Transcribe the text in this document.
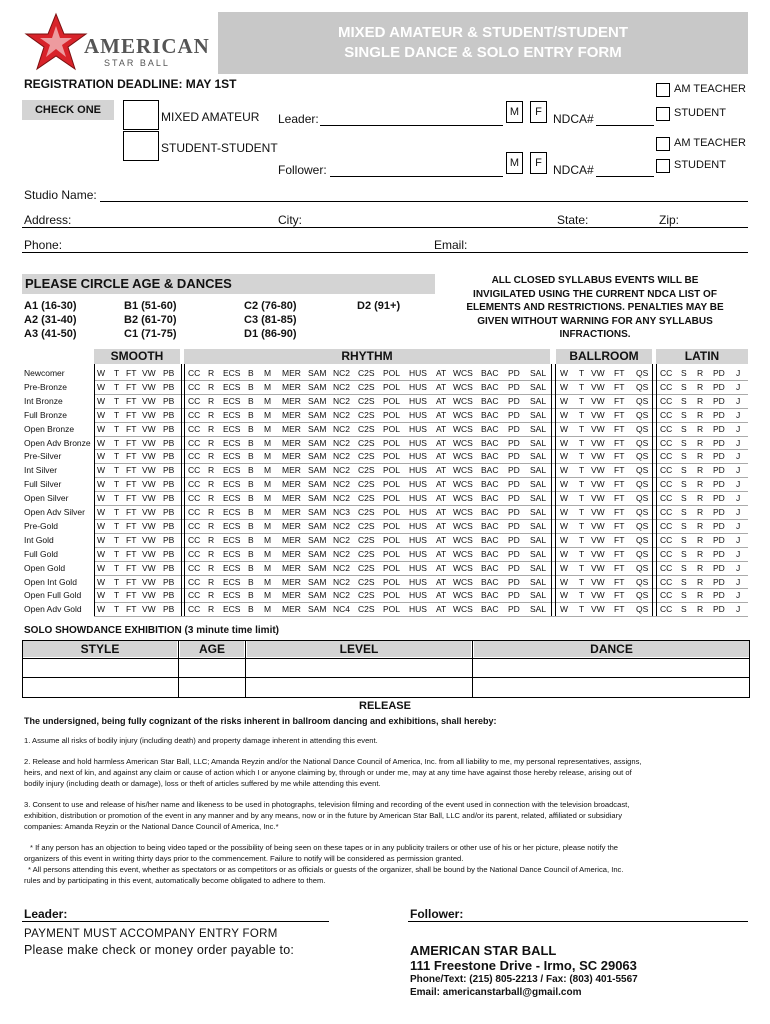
AMERICAN
STAR BALL
MIXED AMATEUR & STUDENT/STUDENT
SINGLE DANCE & SOLO ENTRY FORM
REGISTRATION DEADLINE: MAY 1ST
CHECK ONE	MIXED AMATEUR
STUDENT-STUDENT
Leader:	M	F NDCA#
AM TEACHER
STUDENT
Follower:	M	F NDCA#
AM TEACHER
STUDENT
Studio Name:
Address:	City:	State:	Zip:
Phone:	Email:
PLEASE CIRCLE AGE & DANCES
A1 (16-30)
A2 (31-40)
A3 (41-50)
B1 (51-60)
B2 (61-70)
C1 (71-75)
C2 (76-80)
C3 (81-85)
D1 (86-90)
D2 (91+)
ALL CLOSED SYLLABUS EVENTS WILL BE
INVIGILATED USING THE CURRENT NDCA LIST OF
ELEMENTS AND RESTRICTIONS. PENALTIES MAY BE
GIVEN WITHOUT WARNING FOR ANY SYLLABUS
INFRACTIONS.
SMOOTH	RHYTHM	BALLROOM	LATIN
Newcomer	W T FT VW PB CC R ECS B M MER SAM NC2 C2S POL HUS AT WCS BAC PD SAL W T VW FT QS CC S R PD J
Pre-Bronze	W T FT VW PB CC R ECS B M MER SAM NC2 C2S POL HUS AT WCS BAC PD SAL W T VW FT QS CC S R PD J
Int Bronze	W T FT VW PB CC R ECS B M MER SAM NC2 C2S POL HUS AT WCS BAC PD SAL W T VW FT QS CC S R PD J
Full Bronze	W T FT VW PB CC R ECS B M MER SAM NC2 C2S POL HUS AT WCS BAC PD SAL W T VW FT QS CC S R PD J
Open Bronze	W T FT VW PB CC R ECS B M MER SAM NC2 C2S POL HUS AT WCS BAC PD SAL W T VW FT QS CC S R PD J
Open Adv Bronze W T FT VW PB CC R ECS B M MER SAM NC2 C2S POL HUS AT WCS BAC PD SAL W T VW FT QS CC S R PD J
Pre-Silver	W T FT VW PB CC R ECS B M MER SAM NC2 C2S POL HUS AT WCS BAC PD SAL W T VW FT QS CC S R PD J
Int Silver	W T FT VW PB CC R ECS B M MER SAM NC2 C2S POL HUS AT WCS BAC PD SAL W T VW FT QS CC S R PD J
Full Silver	W T FT VW PB CC R ECS B M MER SAM NC2 C2S POL HUS AT WCS BAC PD SAL W T VW FT QS CC S R PD J
Open Silver	W T FT VW PB CC R ECS B M MER SAM NC2 C2S POL HUS AT WCS BAC PD SAL W T VW FT QS CC S R PD J
Open Adv Silver W T FT VW PB CC R ECS B M MER SAM NC3 C2S POL HUS AT WCS BAC PD SAL W T VW FT QS CC S R PD J
Pre-Gold	W T FT VW PB CC R ECS B M MER SAM NC2 C2S POL HUS AT WCS BAC PD SAL W T VW FT QS CC S R PD J
Int Gold	W T FT VW PB CC R ECS B M MER SAM NC2 C2S POL HUS AT WCS BAC PD SAL W T VW FT QS CC S R PD J
Full Gold	W T FT VW PB CC R ECS B M MER SAM NC2 C2S POL HUS AT WCS BAC PD SAL W T VW FT QS CC S R PD J
Open Gold	W T FT VW PB CC R ECS B M MER SAM NC2 C2S POL HUS AT WCS BAC PD SAL W T VW FT QS CC S R PD J
Open Int Gold W T FT VW PB CC R ECS B M MER SAM NC2 C2S POL HUS AT WCS BAC PD SAL W T VW FT QS CC S R PD J
Open Full Gold W T FT VW PB CC R ECS B M MER SAM NC2 C2S POL HUS AT WCS BAC PD SAL W T VW FT QS CC S R PD J
Open Adv Gold W T FT VW PB CC R ECS B M MER SAM NC4 C2S POL HUS AT WCS BAC PD SAL W T VW FT QS CC S R PD J
SOLO SHOWDANCE EXHIBITION (3 minute time limit)
STYLE	AGE	LEVEL	DANCE
RELEASE
The undersigned, being fully cognizant of the risks inherent in ballroom dancing and exhibitions, shall hereby:
1. Assume all risks of bodily injury (including death) and property damage inherent in attending this event.
2. Release and hold harmless American Star Ball, LLC; Amanda Reyzin and/or the National Dance Council of America, Inc. from all liability to me, my personal representatives, assigns,
heirs, and next of kin, and against any claim or cause of action which I or anyone claiming by, through or under me, may at any time have against those hereby release, arising out of
bodily injury (including death or damage), loss or theft of articles suffered by me while attending this event.
3. Consent to use and release of his/her name and likeness to be used in photographs, television filming and recording of the event used in connection with the television broadcast,
exhibition, distribution or promotion of the event in any manner and by any means, now or in the future by American Star Ball, LLC and/or its parent, related, affiliated or subsidiary
companies: Amanda Reyzin or the National Dance Council of America, Inc.*
* If any person has an objection to being video taped or the possibility of being seen on these tapes or in any publicity trailers or other use of his or her picture, please notify the
organizers of this event in writing thirty days prior to the commencement. Failure to notify will be considered as permission granted.
* All persons attending this event, whether as spectators or as competitors or as officials or guests of the organizer, shall be bound by the National Dance Council of America, Inc.
rules and by participating in this event, automatically become obligated to adhere to them.
Leader:	Follower:
PAYMENT MUST ACCOMPANY ENTRY FORM
Please make check or money order payable to:	AMERICAN STAR BALL
111 Freestone Drive - Irmo, SC 29063
Phone/Text: (215) 805-2213 / Fax: (803) 401-5567
Email: americanstarball@gmail.com
